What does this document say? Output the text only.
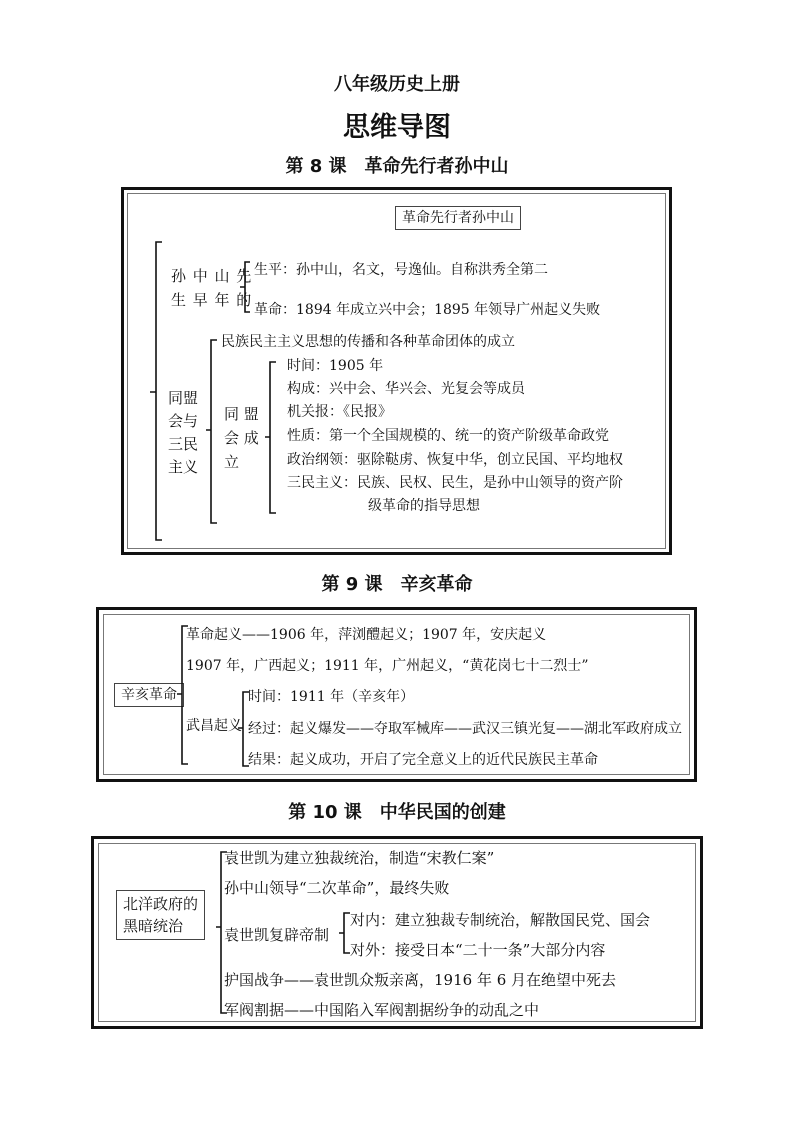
八年级历史上册
思维导图
第 8 课　革命先行者孙中山
革命先行者孙中山
孙 中 山 先
生 早 年 的
生平：孙中山，名文，号逸仙。自称洪秀全第二
革命：1894 年成立兴中会；1895 年领导广州起义失败
同盟
会与
三民
主义
民族民主主义思想的传播和各种革命团体的成立
同 盟
会 成
立
时间：1905 年
构成：兴中会、华兴会、光复会等成员
机关报：《民报》
性质：第一个全国规模的、统一的资产阶级革命政党
政治纲领：驱除鞑虏、恢复中华，创立民国、平均地权
三民主义：民族、民权、民生，是孙中山领导的资产阶
级革命的指导思想
第 9 课　辛亥革命
辛亥革命
革命起义——1906 年，萍浏醴起义；1907 年，安庆起义
1907 年，广西起义；1911 年，广州起义，“黄花岗七十二烈士”
武昌起义
时间：1911 年（辛亥年）
经过：起义爆发——夺取军械库——武汉三镇光复——湖北军政府成立
结果：起义成功，开启了完全意义上的近代民族民主革命
第 10 课　中华民国的创建
北洋政府的
黑暗统治
袁世凯为建立独裁统治，制造“宋教仁案”
孙中山领导“二次革命”，最终失败
袁世凯复辟帝制
对内：建立独裁专制统治，解散国民党、国会
对外：接受日本“二十一条”大部分内容
护国战争——袁世凯众叛亲离，1916 年 6 月在绝望中死去
军阀割据——中国陷入军阀割据纷争的动乱之中
